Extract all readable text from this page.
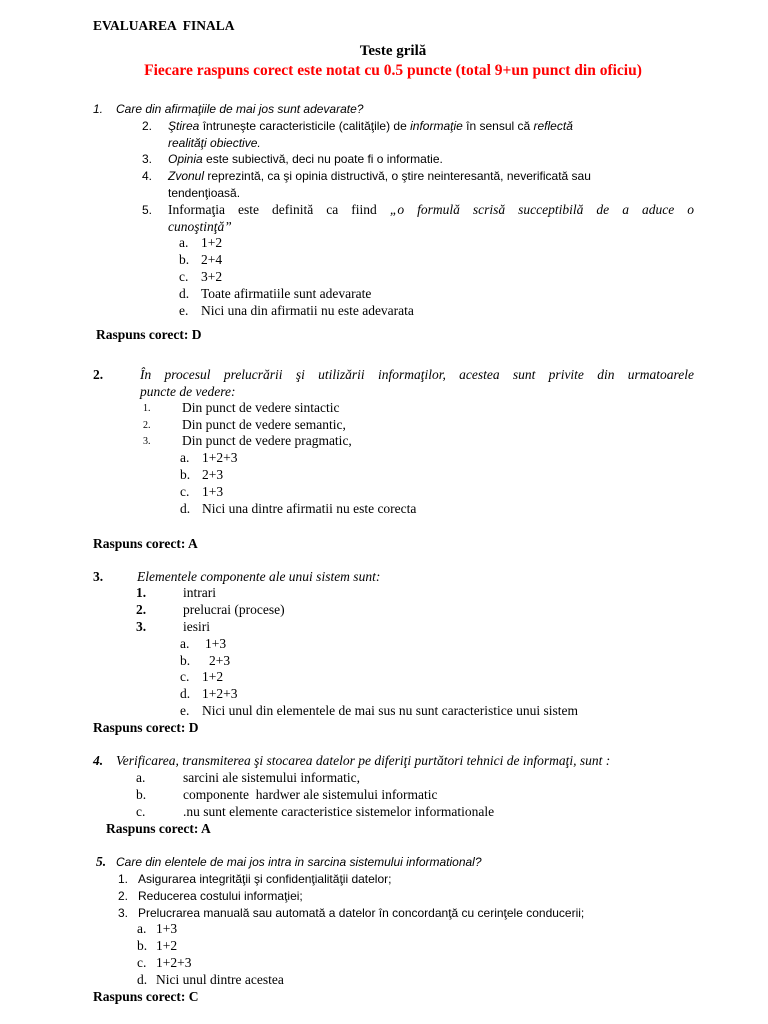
EVALUAREA  FINALA
Teste grilă
Fiecare raspuns corect este notat cu 0.5 puncte (total 9+un punct din oficiu)
1. Care din afirmaţiile de mai jos sunt adevarate?
2. Ştirea întruneşte caracteristicile (calităţile) de informaţie în sensul că reflectă
realităţi obiective.
3. Opinia este subiectivă, deci nu poate fi o informatie.
4. Zvonul reprezintă, ca şi opinia distructivă, o ştire neinteresantă, neverificată sau
tendenţioasă.
5. Informaţia este definită ca fiind „o formulă scrisă succeptibilă de a aduce o
cunoştinţă”
a. 1+2
b. 2+4
c. 3+2
d. Toate afirmatiile sunt adevarate
e. Nici una din afirmatii nu este adevarata
Raspuns corect: D
2.	În procesul prelucrării şi utilizării informaţilor, acestea sunt privite din urmatoarele
puncte de vedere:
1. Din punct de vedere sintactic
2. Din punct de vedere semantic,
3. Din punct de vedere pragmatic,
a. 1+2+3
b. 2+3
c. 1+3
d. Nici una dintre afirmatii nu este corecta
Raspuns corect: A
3.	Elementele componente ale unui sistem sunt:
1.	intrari
2.	prelucrai (procese)
3.	iesiri
a. 1+3
b. 2+3
c. 1+2
d. 1+2+3
e. Nici unul din elementele de mai sus nu sunt caracteristice unui sistem
Raspuns corect: D
4. Verificarea, transmiterea şi stocarea datelor pe diferiţi purtători tehnici de informaţi, sunt :
a.	sarcini ale sistemului informatic,
b.	componente  hardwer ale sistemului informatic
c.	.nu sunt elemente caracteristice sistemelor informationale
Raspuns corect: A
5. Care din elentele de mai jos intra in sarcina sistemului informational?
1. Asigurarea integrităţii şi confidenţialităţii datelor;
2. Reducerea costului informaţiei;
3. Prelucrarea manuală sau automată a datelor în concordanţă cu cerinţele conducerii;
a. 1+3
b. 1+2
c. 1+2+3
d. Nici unul dintre acestea
Raspuns corect: C
